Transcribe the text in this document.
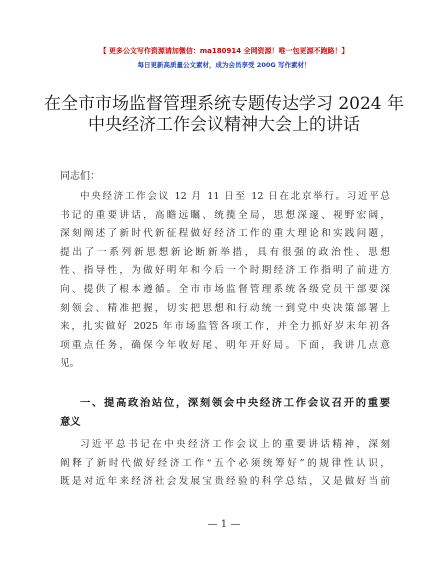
【 更多公文写作资源请加微信：ma180914 全网资源！唯一包更源不跑路！】
每日更新高质量公文素材，成为会员享受 200G 写作素材！
在全市市场监督管理系统专题传达学习 2024 年
中央经济工作会议精神大会上的讲话
同志们：
中央经济工作会议 12 月 11 日至 12 日在北京举行。习近平总
书记的重要讲话，高瞻远瞩、统揽全局，思想深邃、视野宏阔，
深刻阐述了新时代新征程做好经济工作的重大理论和实践问题，
提出了一系列新思想新论断新举措，具有很强的政治性、思想
性、指导性，为做好明年和今后一个时期经济工作指明了前进方
向、提供了根本遵循。全市市场监督管理系统各级党员干部要深
刻领会、精准把握，切实把思想和行动统一到党中央决策部署上
来，扎实做好 2025 年市场监管各项工作，并全力抓好岁末年初各
项重点任务，确保今年收好尾、明年开好局。下面，我讲几点意
见。
一、提高政治站位，深刻领会中央经济工作会议召开的重要
意义
习近平总书记在中央经济工作会议上的重要讲话精神，深刻
阐释了新时代做好经济工作“五个必须统筹好”的规律性认识，
既是对近年来经济社会发展宝贵经验的科学总结，又是做好当前
— 1 —
